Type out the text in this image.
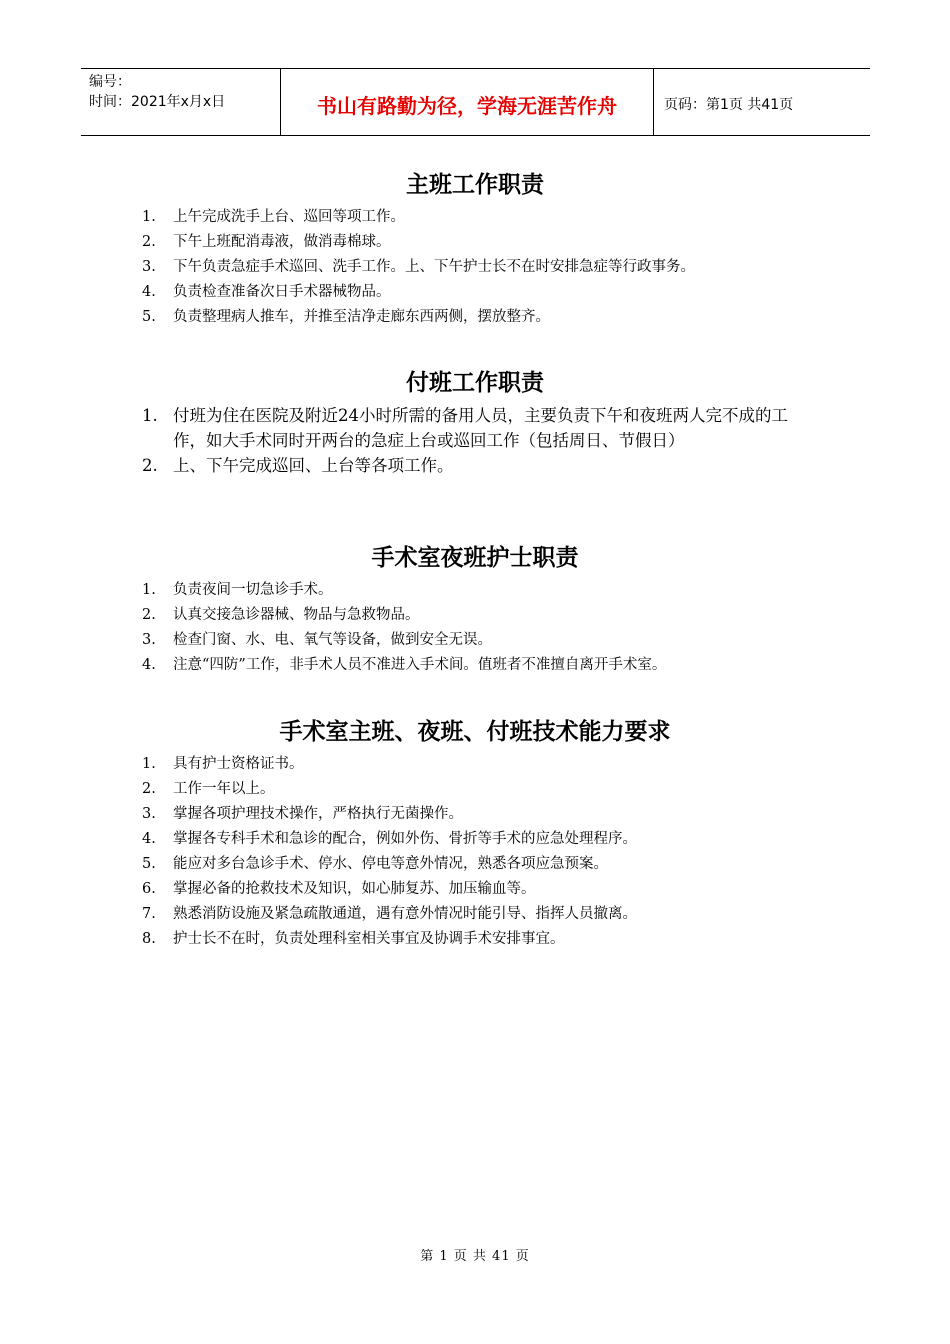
编号：
时间：2021年x月x日	书山有路勤为径，学海无涯苦作舟	页码：第1页 共41页
主班工作职责
1. 上午完成洗手上台、巡回等项工作。
2. 下午上班配消毒液，做消毒棉球。
3. 下午负责急症手术巡回、洗手工作。上、下午护士长不在时安排急症等行政事务。
4. 负责检查准备次日手术器械物品。
5. 负责整理病人推车，并推至洁净走廊东西两侧，摆放整齐。
付班工作职责
1. 付班为住在医院及附近24小时所需的备用人员，主要负责下午和夜班两人完不成的工作，如大手术同时开两台的急症上台或巡回工作（包括周日、节假日）
2. 上、下午完成巡回、上台等各项工作。
手术室夜班护士职责
1. 负责夜间一切急诊手术。
2. 认真交接急诊器械、物品与急救物品。
3. 检查门窗、水、电、氧气等设备，做到安全无误。
4. 注意“四防”工作，非手术人员不准进入手术间。值班者不准擅自离开手术室。
手术室主班、夜班、付班技术能力要求
1. 具有护士资格证书。
2. 工作一年以上。
3. 掌握各项护理技术操作，严格执行无菌操作。
4. 掌握各专科手术和急诊的配合，例如外伤、骨折等手术的应急处理程序。
5. 能应对多台急诊手术、停水、停电等意外情况，熟悉各项应急预案。
6. 掌握必备的抢救技术及知识，如心肺复苏、加压输血等。
7. 熟悉消防设施及紧急疏散通道，遇有意外情况时能引导、指挥人员撤离。
8. 护士长不在时，负责处理科室相关事宜及协调手术安排事宜。
第 1 页 共 41 页
